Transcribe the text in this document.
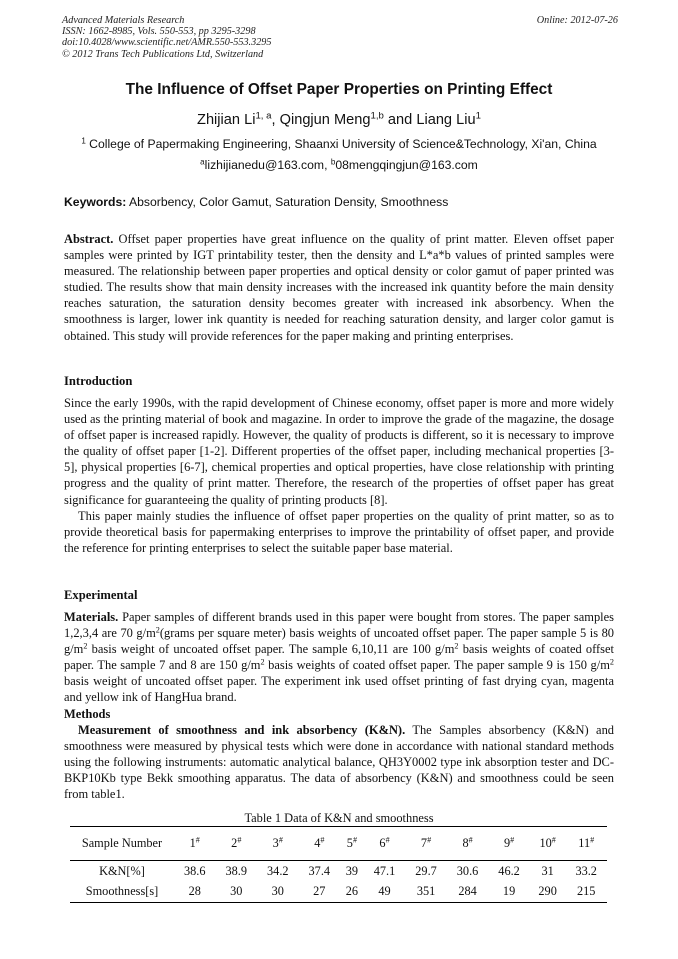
Advanced Materials Research
ISSN: 1662-8985, Vols. 550-553, pp 3295-3298
doi:10.4028/www.scientific.net/AMR.550-553.3295
© 2012 Trans Tech Publications Ltd, Switzerland
Online: 2012-07-26
The Influence of Offset Paper Properties on Printing Effect
Zhijian Li$^{1, a}$, Qingjun Meng$^{1,b}$ and Liang Liu$^1$
$^1$ College of Papermaking Engineering, Shaanxi University of Science&Technology, Xi'an, China
$^a$lizhijianedu@163.com, $^b$08mengqingjun@163.com
Keywords: Absorbency, Color Gamut, Saturation Density, Smoothness

Abstract. Offset paper properties have great influence on the quality of print matter. Eleven offset paper samples were printed by IGT printability tester, then the density and L*a*b values of printed samples were measured. The relationship between paper properties and optical density or color gamut of paper printed was studied. The results show that main density increases with the increased ink quantity before the main density reaches saturation, the saturation density becomes greater with increased ink absorbency. When the smoothness is larger, lower ink quantity is needed for reaching saturation density, and larger color gamut is obtained. This study will provide references for the paper making and printing enterprises.

Introduction

Since the early 1990s, with the rapid development of Chinese economy, offset paper is more and more widely used as the printing material of book and magazine. In order to improve the grade of the magazine, the dosage of offset paper is increased rapidly. However, the quality of products is different, so it is necessary to improve the quality of offset paper [1-2]. Different properties of the offset paper, including mechanical properties [3-5], physical properties [6-7], chemical properties and optical properties, have close relationship with printing progress and the quality of print matter. Therefore, the research of the properties of offset paper has great significance for guaranteeing the quality of printing products [8].

This paper mainly studies the influence of offset paper properties on the quality of print matter, so as to provide theoretical basis for papermaking enterprises to improve the printability of offset paper, and provide the reference for printing enterprises to select the suitable paper base material.

Experimental

Materials. Paper samples of different brands used in this paper were bought from stores. The paper samples 1,2,3,4 are 70 $g/m^2(grams$ per square meter) basis weights of uncoated offset paper. The paper sample 5 is 80 $g/m^2$ basis weight of uncoated offset paper. The sample 6,10,11 are 100 $g/m^2$ basis weights of coated offset paper. The sample 7 and 8 are 150 $g/m^2$ basis weights of coated offset paper. The paper sample 9 is 150 $g/m^2$ basis weight of uncoated offset paper. The experiment ink used offset printing of fast drying cyan, magenta and yellow ink of HangHua brand.

Methods

Measurement of smoothness and ink absorbency (K&N). The Samples absorbency (K&N) and smoothness were measured by physical tests which were done in accordance with national standard methods using the following instruments: automatic analytical balance, QH3Y0002 type ink absorption tester and DC-BKP10Kb type Bekk smoothing apparatus. The data of absorbency (K&N) and smoothness could be seen from table1.

Table 1 Data of K&N and smoothness
Sample Number	1#	2#	3#	4#	5#	6#	7#	8#	9#	10#	11#
K&N[%]	38.6	38.9	34.2	37.4	39	47.1	29.7	30.6	46.2	31	33.2
Smoothness[s]	28	30	30	27	26	49	351	284	19	290	215
